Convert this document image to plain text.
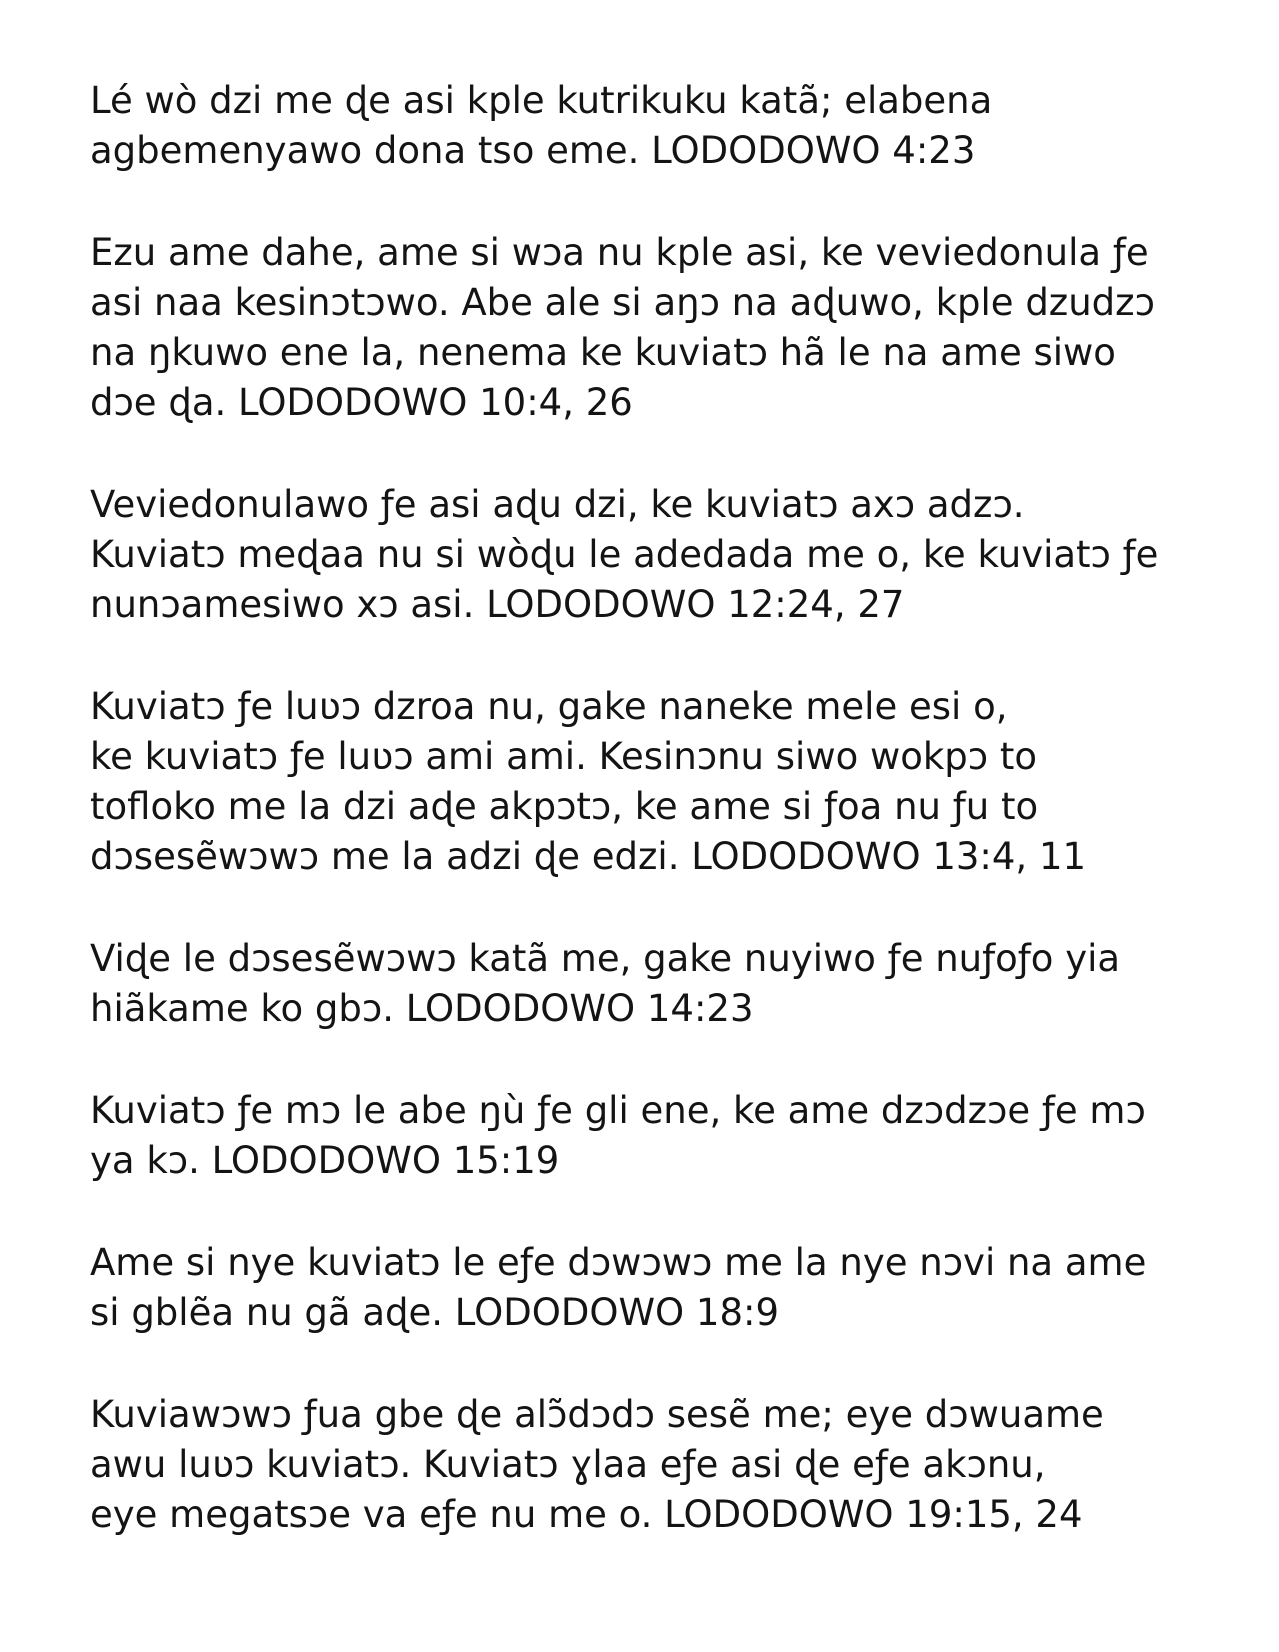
Lé wò dzi me ɖe asi kple kutrikuku katã; elabena
agbemenyawo dona tso eme. LODODOWO 4:23

Ezu ame dahe, ame si wɔa nu kple asi, ke veviedonula ƒe
asi naa kesinɔtɔwo. Abe ale si aŋɔ na aɖuwo, kple dzudzɔ
na ŋkuwo ene la, nenema ke kuviatɔ hã le na ame siwo
dɔe ɖa. LODODOWO 10:4, 26

Veviedonulawo ƒe asi aɖu dzi, ke kuviatɔ axɔ adzɔ.
Kuviatɔ meɖaa nu si wòɖu le adedada me o, ke kuviatɔ ƒe
nunɔamesiwo xɔ asi. LODODOWO 12:24, 27

Kuviatɔ ƒe luʋɔ dzroa nu, gake naneke mele esi o,
ke kuviatɔ ƒe luʋɔ ami ami. Kesinɔnu siwo wokpɔ to
tofloko me la dzi aɖe akpɔtɔ, ke ame si ƒoa nu ƒu to
dɔsesẽwɔwɔ me la adzi ɖe edzi. LODODOWO 13:4, 11

Viɖe le dɔsesẽwɔwɔ katã me, gake nuyiwo ƒe nuƒoƒo yia
hiãkame ko gbɔ. LODODOWO 14:23

Kuviatɔ ƒe mɔ le abe ŋù ƒe gli ene, ke ame dzɔdzɔe ƒe mɔ
ya kɔ. LODODOWO 15:19

Ame si nye kuviatɔ le eƒe dɔwɔwɔ me la nye nɔvi na ame
si gblẽa nu gã aɖe. LODODOWO 18:9

Kuviawɔwɔ ƒua gbe ɖe alɔ̃dɔdɔ sesẽ me; eye dɔwuame
awu luʋɔ kuviatɔ. Kuviatɔ ɣlaa eƒe asi ɖe eƒe akɔnu,
eye megatsɔe va eƒe nu me o. LODODOWO 19:15, 24
